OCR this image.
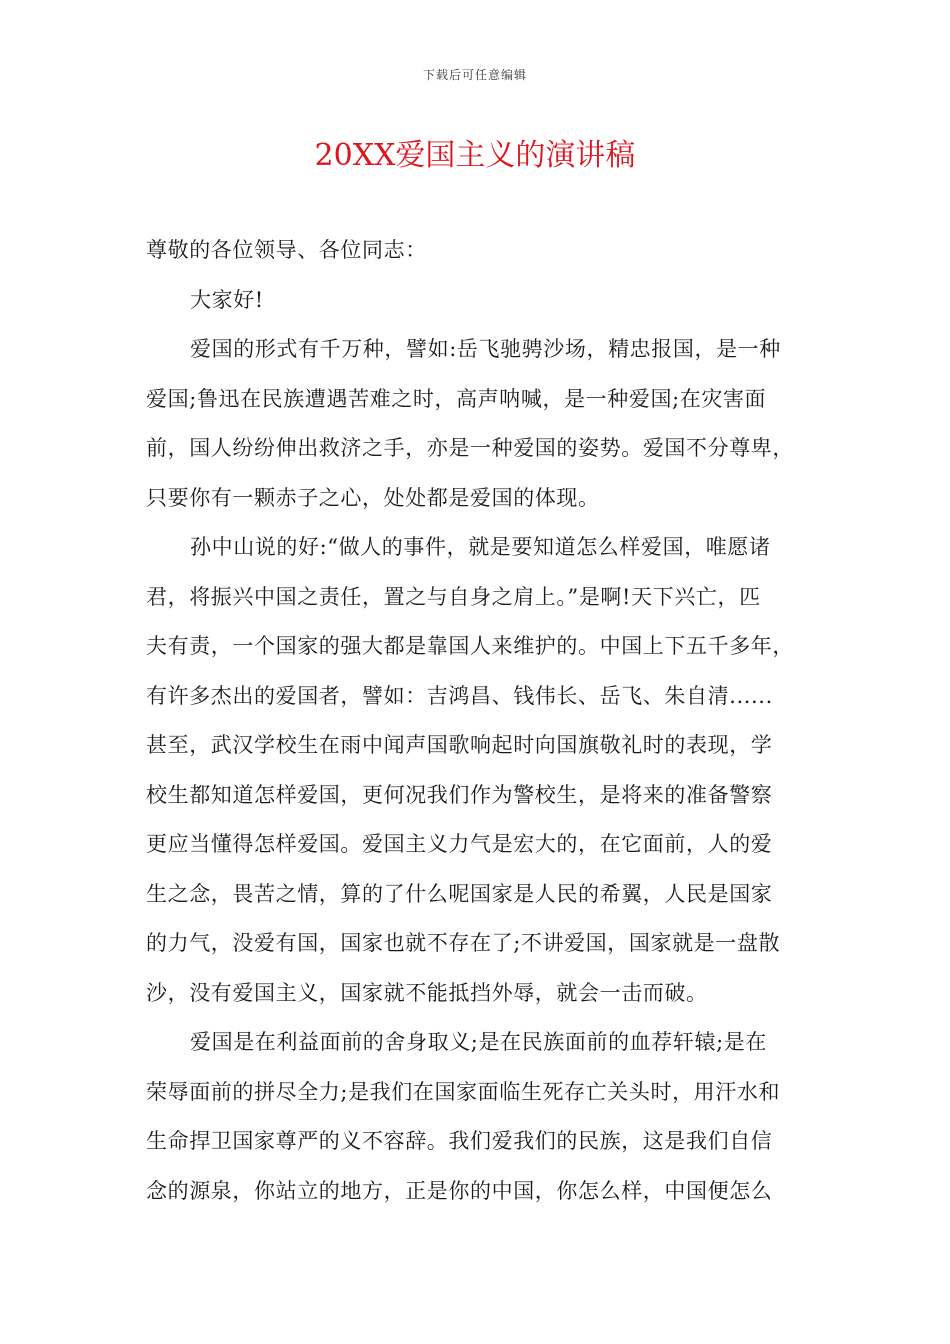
下载后可任意编辑
20XX爱国主义的演讲稿
尊敬的各位领导、各位同志：
大家好!
爱国的形式有千万种，譬如:岳飞驰骋沙场，精忠报国，是一种
爱国;鲁迅在民族遭遇苦难之时，高声呐喊，是一种爱国;在灾害面
前，国人纷纷伸出救济之手，亦是一种爱国的姿势。爱国不分尊卑，
只要你有一颗赤子之心，处处都是爱国的体现。
孙中山说的好:“做人的事件，就是要知道怎么样爱国，唯愿诸
君，将振兴中国之责任，置之与自身之肩上。”是啊!天下兴亡，匹
夫有责，一个国家的强大都是靠国人来维护的。中国上下五千多年，
有许多杰出的爱国者，譬如：吉鸿昌、钱伟长、岳飞、朱自清......
甚至，武汉学校生在雨中闻声国歌响起时向国旗敬礼时的表现，学
校生都知道怎样爱国，更何况我们作为警校生，是将来的准备警察
更应当懂得怎样爱国。爱国主义力气是宏大的，在它面前，人的爱
生之念，畏苦之情，算的了什么呢国家是人民的希翼，人民是国家
的力气，没爱有国，国家也就不存在了;不讲爱国，国家就是一盘散
沙，没有爱国主义，国家就不能抵挡外辱，就会一击而破。
爱国是在利益面前的舍身取义;是在民族面前的血荐轩辕;是在
荣辱面前的拼尽全力;是我们在国家面临生死存亡关头时，用汗水和
生命捍卫国家尊严的义不容辞。我们爱我们的民族，这是我们自信
念的源泉，你站立的地方，正是你的中国，你怎么样，中国便怎么
